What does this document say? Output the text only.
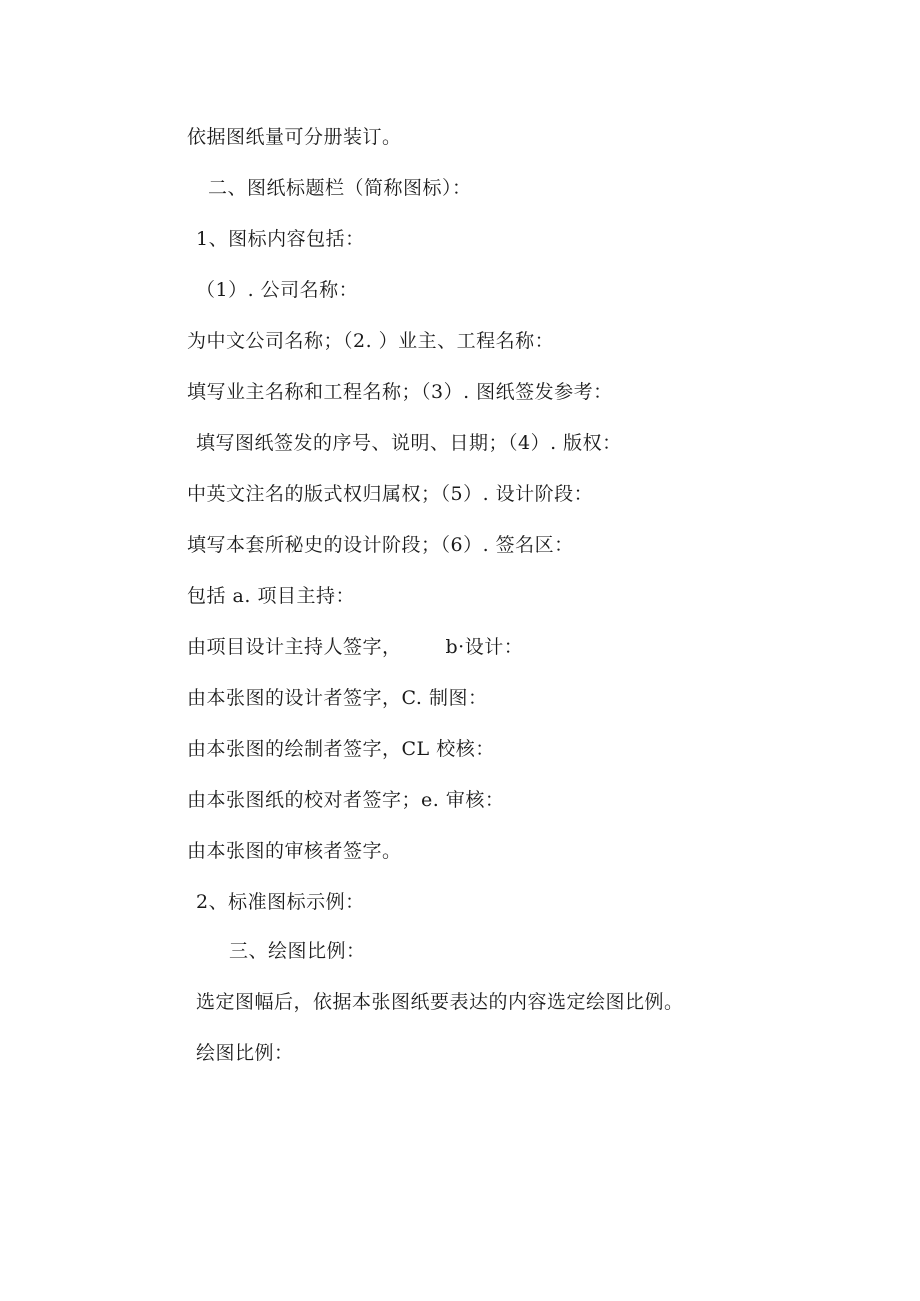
依据图纸量可分册装订。
二、图纸标题栏（简称图标）：
1、图标内容包括：
（1）. 公司名称：
为中文公司名称；（2. ）业主、工程名称：
填写业主名称和工程名称；（3）. 图纸签发参考：
填写图纸签发的序号、说明、日期；（4）. 版权：
中英文注名的版式权归属权；（5）. 设计阶段：
填写本套所秘史的设计阶段；（6）. 签名区：
包括 a. 项目主持：
由项目设计主持人签字， b·设计：
由本张图的设计者签字，C. 制图：
由本张图的绘制者签字，CL 校核：
由本张图纸的校对者签字；e. 审核：
由本张图的审核者签字。
2、标准图标示例：
三、绘图比例：
选定图幅后，依据本张图纸要表达的内容选定绘图比例。
绘图比例：
